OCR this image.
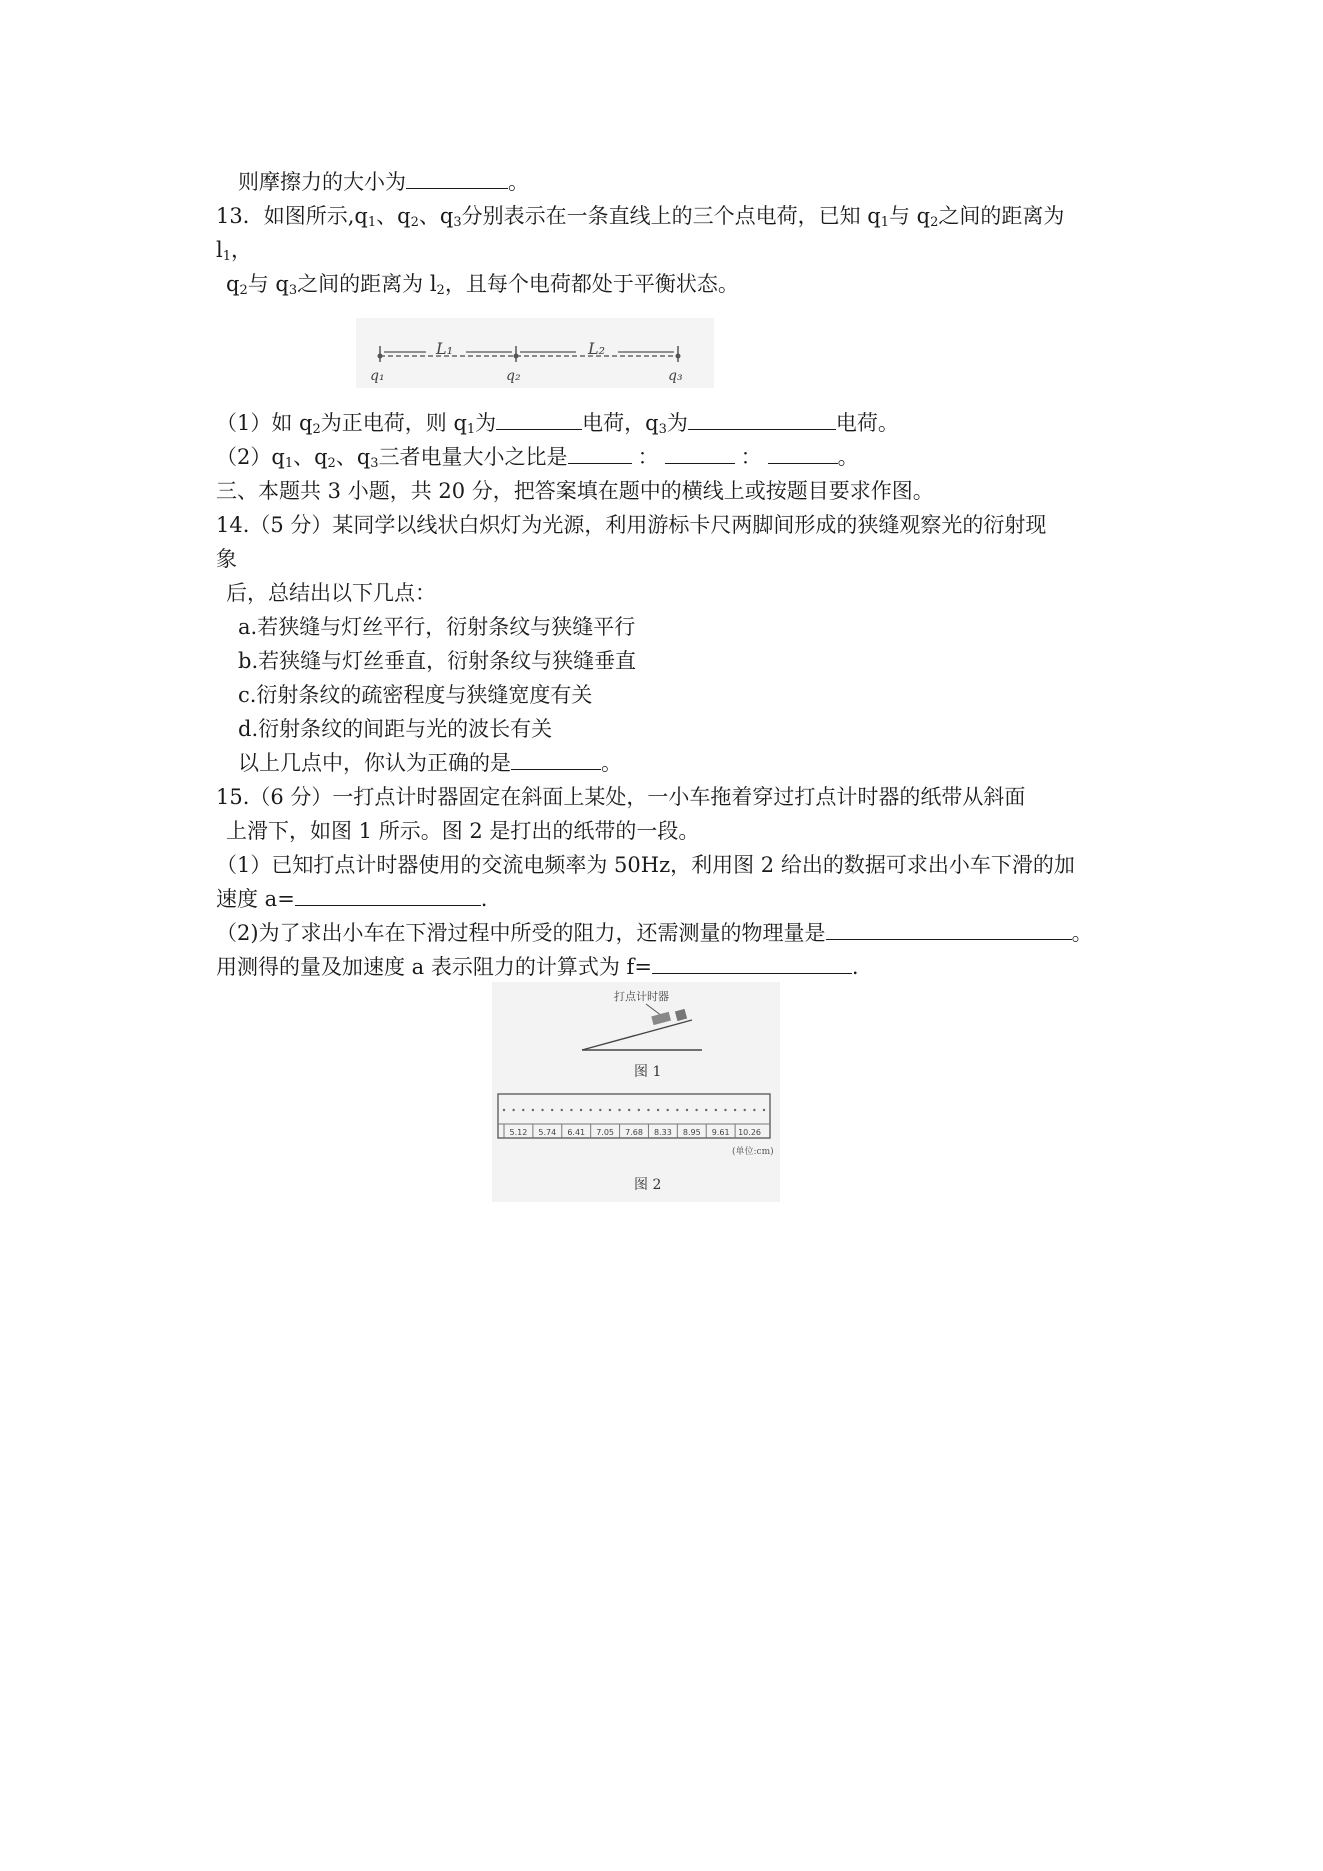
则摩擦力的大小为	。
13．如图所示$,q_1$、$q_2$、$q_3$分别表示在一条直线上的三个点电荷，已知 $q_1$与 $q_2$之间的距离为
$l_1$，
$q_2$与 $q_3$之间的距离为 $l_2$，且每个电荷都处于平衡状态。
L₁	L₂
q₁	q₂	q₃
（1）如 $q_2$为正电荷，则 $q_1$为	电荷，$q_3$为	电荷。
$(2)q_1$、$q_2$、$q_3$三者电量大小之比是	：	：	。
三、本题共 3 小题，共 20 分，把答案填在题中的横线上或按题目要求作图。
14.（5 分）某同学以线状白炽灯为光源，利用游标卡尺两脚间形成的狭缝观察光的衍射现
象
后，总结出以下几点：
a.若狭缝与灯丝平行，衍射条纹与狭缝平行
b.若狭缝与灯丝垂直，衍射条纹与狭缝垂直
c.衍射条纹的疏密程度与狭缝宽度有关
d.衍射条纹的间距与光的波长有关
以上几点中，你认为正确的是	。
15.（6 分）一打点计时器固定在斜面上某处，一小车拖着穿过打点计时器的纸带从斜面
上滑下，如图 1 所示。图 2 是打出的纸带的一段。
（1）已知打点计时器使用的交流电频率为 50Hz，利用图 2 给出的数据可求出小车下滑的加
速度 a=	.
（2)为了求出小车在下滑过程中所受的阻力，还需测量的物理量是	。
用测得的量及加速度 a 表示阻力的计算式为 f=	.
打点计时器
图 1
5.12 5.74 6.41 7.05 7.68 8.33 8.95 9.61 10.26
(单位:cm)
图 2
